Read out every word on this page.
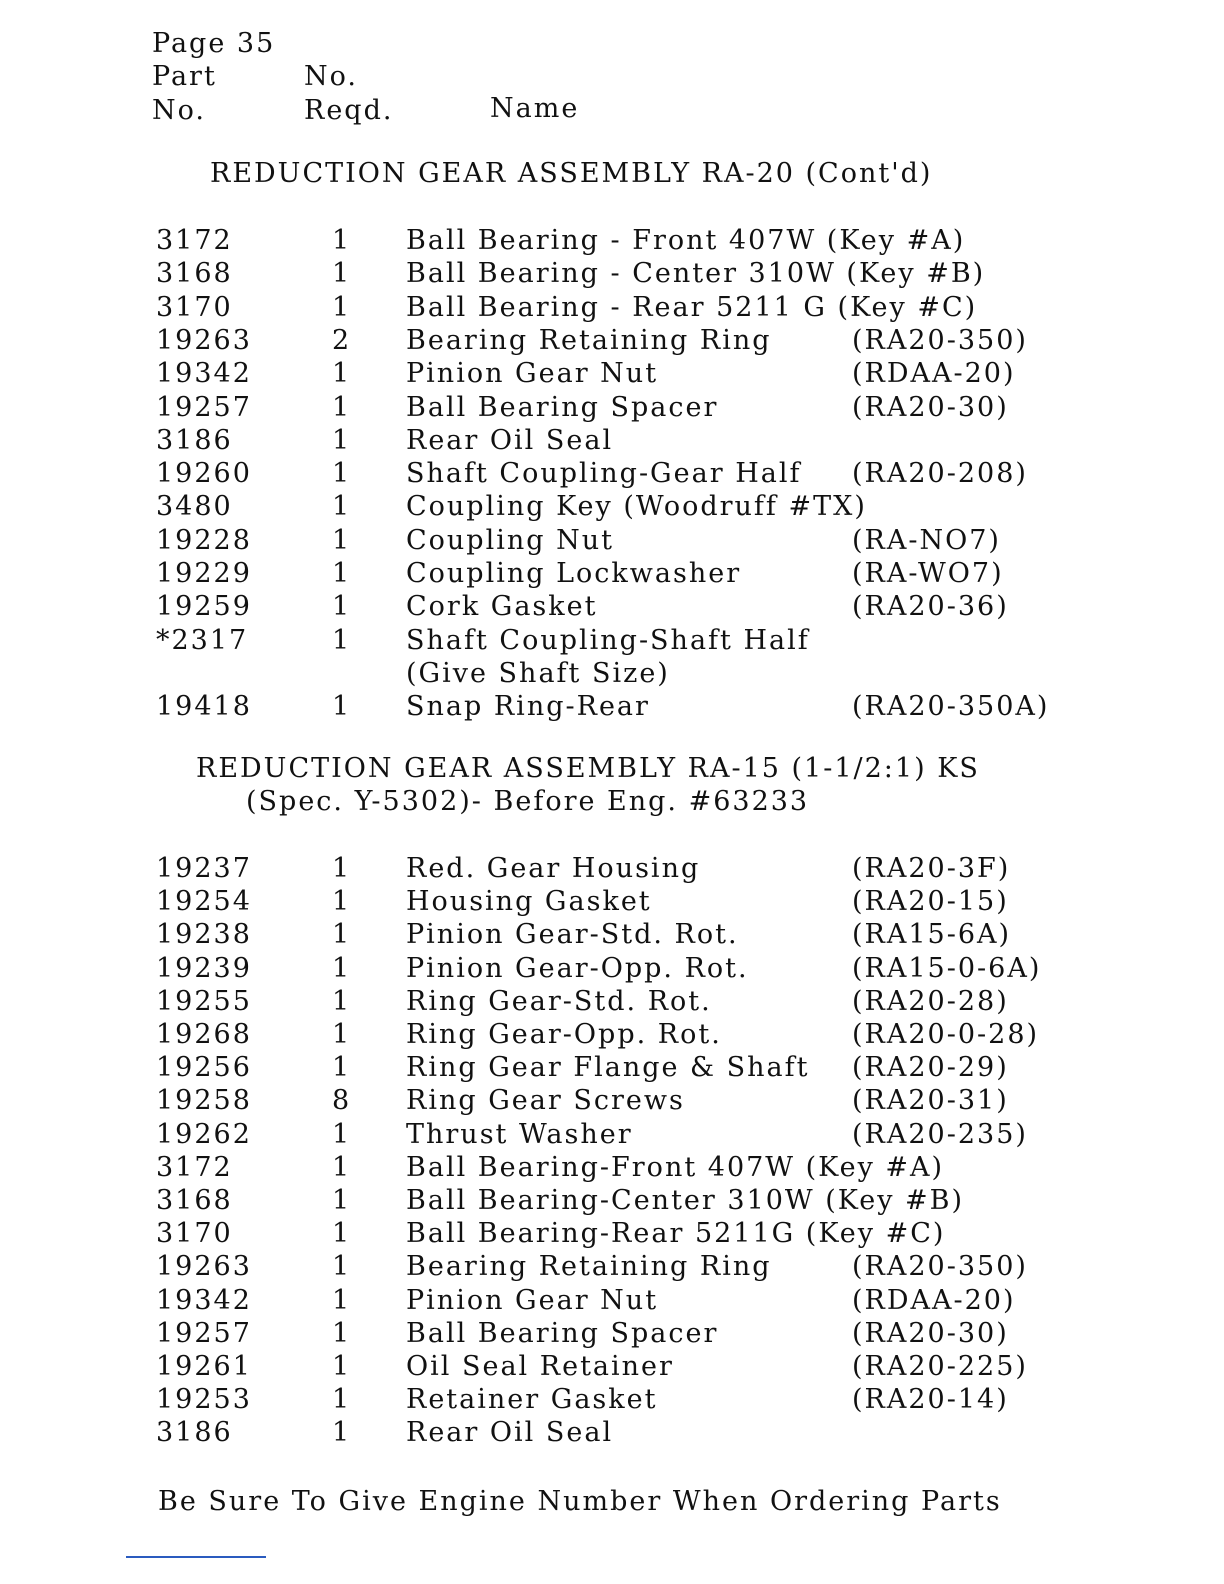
Page 35
Part	No.
No.	Reqd.	Name
REDUCTION GEAR ASSEMBLY RA-20 (Cont'd)
3172	1 Ball Bearing - Front 407W (Key #A)
3168	1 Ball Bearing - Center 310W (Key #B)
3170	1 Ball Bearing - Rear 5211 G (Key #C)
19263	2 Bearing Retaining Ring	(RA20-350)
19342	1 Pinion Gear Nut	(RDAA-20)
19257	1 Ball Bearing Spacer	(RA20-30)
3186	1 Rear Oil Seal
19260	1 Shaft Coupling-Gear Half (RA20-208)
3480	1 Coupling Key (Woodruff #TX)
19228	1 Coupling Nut	(RA-NO7)
19229	1 Coupling Lockwasher	(RA-WO7)
19259	1 Cork Gasket	(RA20-36)
*2317	1 Shaft Coupling-Shaft Half
(Give Shaft Size)
19418	1 Snap Ring-Rear	(RA20-350A)
REDUCTION GEAR ASSEMBLY RA-15 (1-1/2:1) KS
(Spec. Y-5302)- Before Eng. #63233
19237	1 Red. Gear Housing	(RA20-3F)
19254	1 Housing Gasket	(RA20-15)
19238	1 Pinion Gear-Std. Rot.	(RA15-6A)
19239	1 Pinion Gear-Opp. Rot.	(RA15-0-6A)
19255	1 Ring Gear-Std. Rot.	(RA20-28)
19268	1 Ring Gear-Opp. Rot.	(RA20-0-28)
19256	1 Ring Gear Flange & Shaft (RA20-29)
19258	8 Ring Gear Screws	(RA20-31)
19262	1 Thrust Washer	(RA20-235)
3172	1 Ball Bearing-Front 407W (Key #A)
3168	1 Ball Bearing-Center 310W (Key #B)
3170	1 Ball Bearing-Rear 5211G (Key #C)
19263	1 Bearing Retaining Ring	(RA20-350)
19342	1 Pinion Gear Nut	(RDAA-20)
19257	1 Ball Bearing Spacer	(RA20-30)
19261	1 Oil Seal Retainer	(RA20-225)
19253	1 Retainer Gasket	(RA20-14)
3186	1 Rear Oil Seal
Be Sure To Give Engine Number When Ordering Parts
